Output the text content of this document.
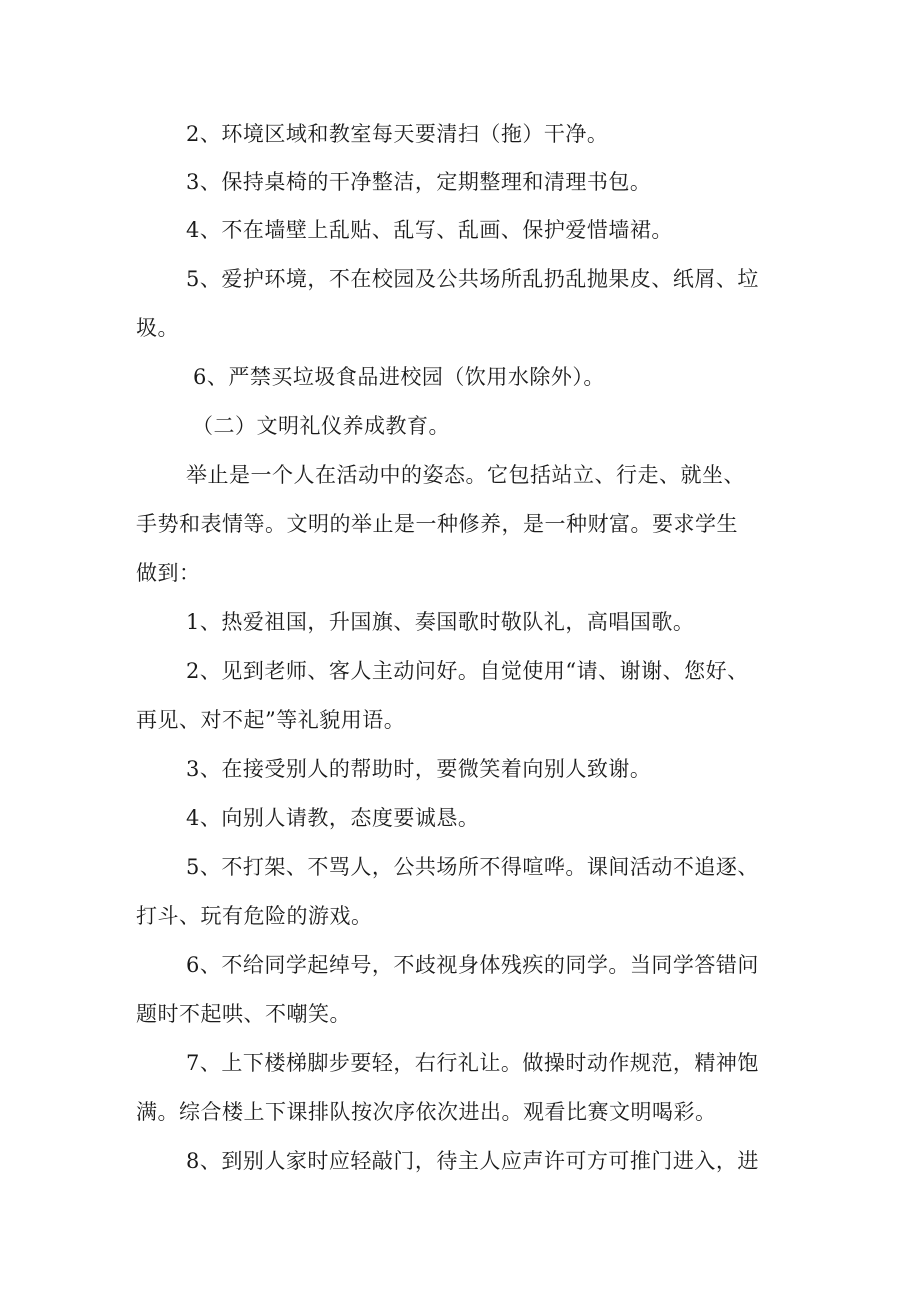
2、环境区域和教室每天要清扫（拖）干净。
3、保持桌椅的干净整洁，定期整理和清理书包。
4、不在墙壁上乱贴、乱写、乱画、保护爱惜墙裙。
5、爱护环境，不在校园及公共场所乱扔乱抛果皮、纸屑、垃
圾。
6、严禁买垃圾食品进校园（饮用水除外）。
（二）文明礼仪养成教育。
举止是一个人在活动中的姿态。它包括站立、行走、就坐、
手势和表情等。文明的举止是一种修养，是一种财富。要求学生
做到：
1、热爱祖国，升国旗、奏国歌时敬队礼，高唱国歌。
2、见到老师、客人主动问好。自觉使用“请、谢谢、您好、
再见、对不起”等礼貌用语。
3、在接受别人的帮助时，要微笑着向别人致谢。
4、向别人请教，态度要诚恳。
5、不打架、不骂人，公共场所不得喧哗。课间活动不追逐、
打斗、玩有危险的游戏。
6、不给同学起绰号，不歧视身体残疾的同学。当同学答错问
题时不起哄、不嘲笑。
7、上下楼梯脚步要轻，右行礼让。做操时动作规范，精神饱
满。综合楼上下课排队按次序依次进出。观看比赛文明喝彩。
8、到别人家时应轻敲门，待主人应声许可方可推门进入，进
